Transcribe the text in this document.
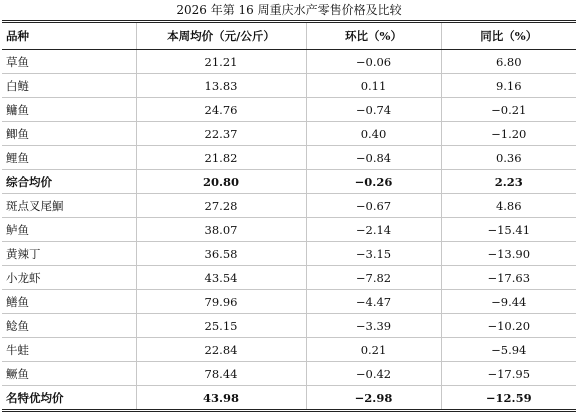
2026 年第 16 周重庆水产零售价格及比较
品种	本周均价（元/公斤）	环比（%）	同比（%）
草鱼	21.21	−0.06	6.80
白鲢	13.83	0.11	9.16
鳙鱼	24.76	−0.74	−0.21
鲫鱼	22.37	0.40	−1.20
鲤鱼	21.82	−0.84	0.36
综合均价	20.80	−0.26	2.23
斑点叉尾鮰	27.28	−0.67	4.86
鲈鱼	38.07	−2.14	−15.41
黄辣丁	36.58	−3.15	−13.90
小龙虾	43.54	−7.82	−17.63
鳝鱼	79.96	−4.47	−9.44
鲶鱼	25.15	−3.39	−10.20
牛蛙	22.84	0.21	−5.94
鳜鱼	78.44	−0.42	−17.95
名特优均价	43.98	−2.98	−12.59
